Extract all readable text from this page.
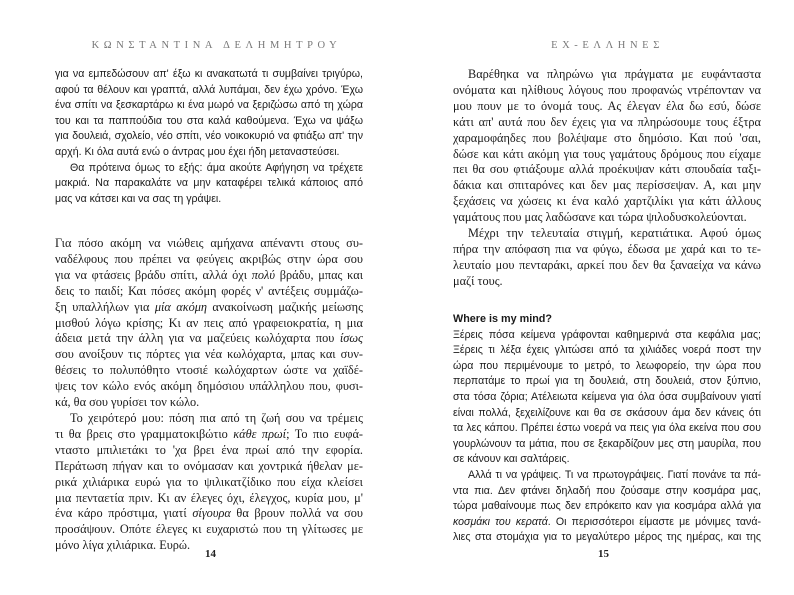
ΚΩΝΣΤΑΝΤΙΝΑ ΔΕΛΗΜΗΤΡΟΥ
για να εμπεδώσουν απ' έξω κι ανακατωτά τι συμβαίνει τριγύρω,
αφού τα θέλουν και γραπτά, αλλά λυπάμαι, δεν έχω χρόνο. Έχω
ένα σπίτι να ξεσκαρτάρω κι ένα μωρό να ξεριζώσω από τη χώρα
του και τα παππούδια του στα καλά καθούμενα. Έχω να ψάξω
για δουλειά, σχολείο, νέο σπίτι, νέο νοικοκυριό να φτιάξω απ' την
αρχή. Κι όλα αυτά ενώ ο άντρας μου έχει ήδη μεταναστεύσει.
Θα πρότεινα όμως το εξής: άμα ακούτε Αφήγηση να τρέχετε
μακριά. Να παρακαλάτε να μην καταφέρει τελικά κάποιος από
μας να κάτσει και να σας τη γράψει.
Για πόσο ακόμη να νιώθεις αμήχανα απέναντι στους συ-
ναδέλφους που πρέπει να φεύγεις ακριβώς στην ώρα σου
για να φτάσεις βράδυ σπίτι, αλλά όχι πολύ βράδυ, μπας και
δεις το παιδί; Και πόσες ακόμη φορές ν' αντέξεις συμμάζω-
ξη υπαλλήλων για μία ακόμη ανακοίνωση μαζικής μείωσης
μισθού λόγω κρίσης; Κι αν πεις από γραφειοκρατία, η μια
άδεια μετά την άλλη για να μαζεύεις κωλόχαρτα που ίσως
σου ανοίξουν τις πόρτες για νέα κωλόχαρτα, μπας και συν-
θέσεις το πολυπόθητο ντοσιέ κωλόχαρτων ώστε να χαϊδέ-
ψεις τον κώλο ενός ακόμη δημόσιου υπάλληλου που, φυσι-
κά, θα σου γυρίσει τον κώλο.
Το χειρότερό μου: πόση πια από τη ζωή σου να τρέμεις
τι θα βρεις στο γραμματοκιβώτιο κάθε πρωί; Το πιο ευφά-
νταστο μπιλιετάκι το 'χα βρει ένα πρωί από την εφορία.
Περάτωση πήγαν και το ονόμασαν και χοντρικά ήθελαν με-
ρικά χιλιάρικα ευρώ για το ψιλικατζίδικο που είχα κλείσει
μια πενταετία πριν. Κι αν έλεγες όχι, έλεγχος, κυρία μου, μ'
ένα κάρο πρόστιμα, γιατί σίγουρα θα βρουν πολλά να σου
προσάψουν. Οπότε έλεγες κι ευχαριστώ που τη γλίτωσες με
μόνο λίγα χιλιάρικα. Ευρώ.
14
ΕΧ-ΕΛΛΗΝΕΣ
Βαρέθηκα να πληρώνω για πράγματα με ευφάνταστα
ονόματα και ηλίθιους λόγους που προφανώς ντρέπονταν να
μου πουν με το όνομά τους. Ας έλεγαν έλα δω εσύ, δώσε
κάτι απ' αυτά που δεν έχεις για να πληρώσουμε τους έξτρα
χαραμοφάηδες που βολέψαμε στο δημόσιο. Και πού 'σαι,
δώσε και κάτι ακόμη για τους γαμάτους δρόμους που είχαμε
πει θα σου φτιάξουμε αλλά προέκυψαν κάτι σπουδαία ταξι-
δάκια και σπιταρόνες και δεν μας περίσσεψαν. Α, και μην
ξεχάσεις να χώσεις κι ένα καλό χαρτζιλίκι για κάτι άλλους
γαμάτους που μας λαδώσανε και τώρα ψιλοδυσκολεύονται.
Μέχρι την τελευταία στιγμή, κερατιάτικα. Αφού όμως
πήρα την απόφαση πια να φύγω, έδωσα με χαρά και το τε-
λευταίο μου πενταράκι, αρκεί που δεν θα ξαναείχα να κάνω
μαζί τους.
Where is my mind?
Ξέρεις πόσα κείμενα γράφονται καθημερινά στα κεφάλια μας;
Ξέρεις τι λέξα έχεις γλιτώσει από τα χιλιάδες νοερά ποστ την
ώρα που περιμένουμε το μετρό, το λεωφορείο, την ώρα που
περπατάμε το πρωί για τη δουλειά, στη δουλειά, στον ξύπνιο,
στα τόσα ζόρια; Ατέλειωτα κείμενα για όλα όσα συμβαίνουν γιατί
είναι πολλά, ξεχειλίζουνε και θα σε σκάσουν άμα δεν κάνεις ότι
τα λες κάπου. Πρέπει έστω νοερά να πεις για όλα εκείνα που σου
γουρλώνουν τα μάτια, που σε ξεκαρδίζουν μες στη μαυρίλα, που
σε κάνουν και σαλτάρεις.
Αλλά τι να γράψεις. Τι να πρωτογράψεις. Γιατί πονάνε τα πά-
ντα πια. Δεν φτάνει δηλαδή που ζούσαμε στην κοσμάρα μας,
τώρα μαθαίνουμε πως δεν επρόκειτο καν για κοσμάρα αλλά για
κοσμάκι του κερατά. Οι περισσότεροι είμαστε με μόνιμες τανά-
λιες στα στομάχια για το μεγαλύτερο μέρος της ημέρας, και της
15
